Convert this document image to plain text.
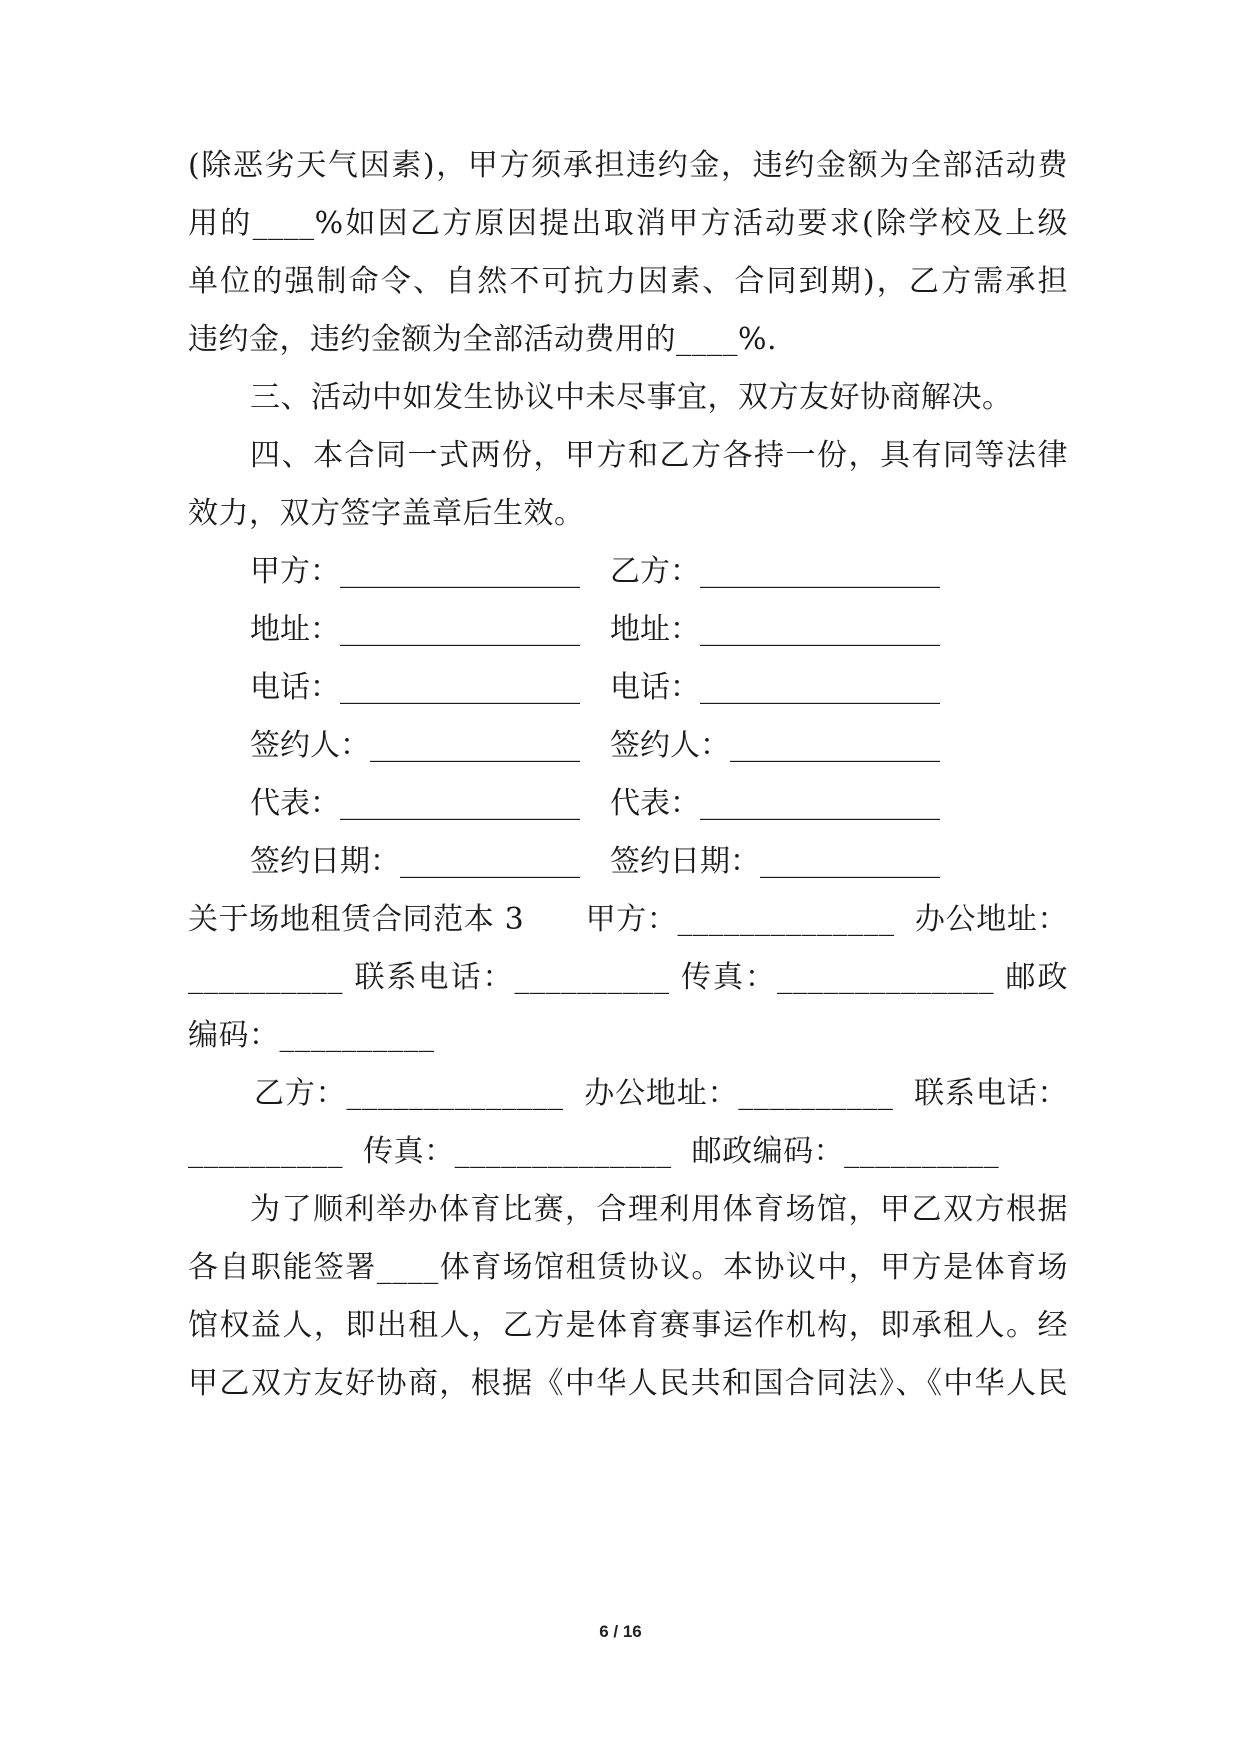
(除恶劣天气因素)，甲方须承担违约金，违约金额为全部活动费
用的____%如因乙方原因提出取消甲方活动要求(除学校及上级
单位的强制命令、自然不可抗力因素、合同到期)，乙方需承担
违约金，违约金额为全部活动费用的____%.
三、活动中如发生协议中未尽事宜，双方友好协商解决。
四、本合同一式两份，甲方和乙方各持一份，具有同等法律
效力，双方签字盖章后生效。

甲方：________________

乙方：________________

地址：________________

地址：________________

电话：________________

电话：________________

签约人：______________

签约人：______________

代表：________________

代表：________________

签约日期：____________

签约日期：____________

关于场地租赁合同范本 3　　甲方：______________  办公地址：
__________ 联系电话：__________ 传真：______________ 邮政
编码：__________
乙方：______________  办公地址：__________  联系电话：
__________  传真：______________  邮政编码：__________
为了顺利举办体育比赛，合理利用体育场馆，甲乙双方根据
各自职能签署____体育场馆租赁协议。本协议中，甲方是体育场
馆权益人，即出租人，乙方是体育赛事运作机构，即承租人。经
甲乙双方友好协商，根据《中华人民共和国合同法》、《中华人民
6 / 16
